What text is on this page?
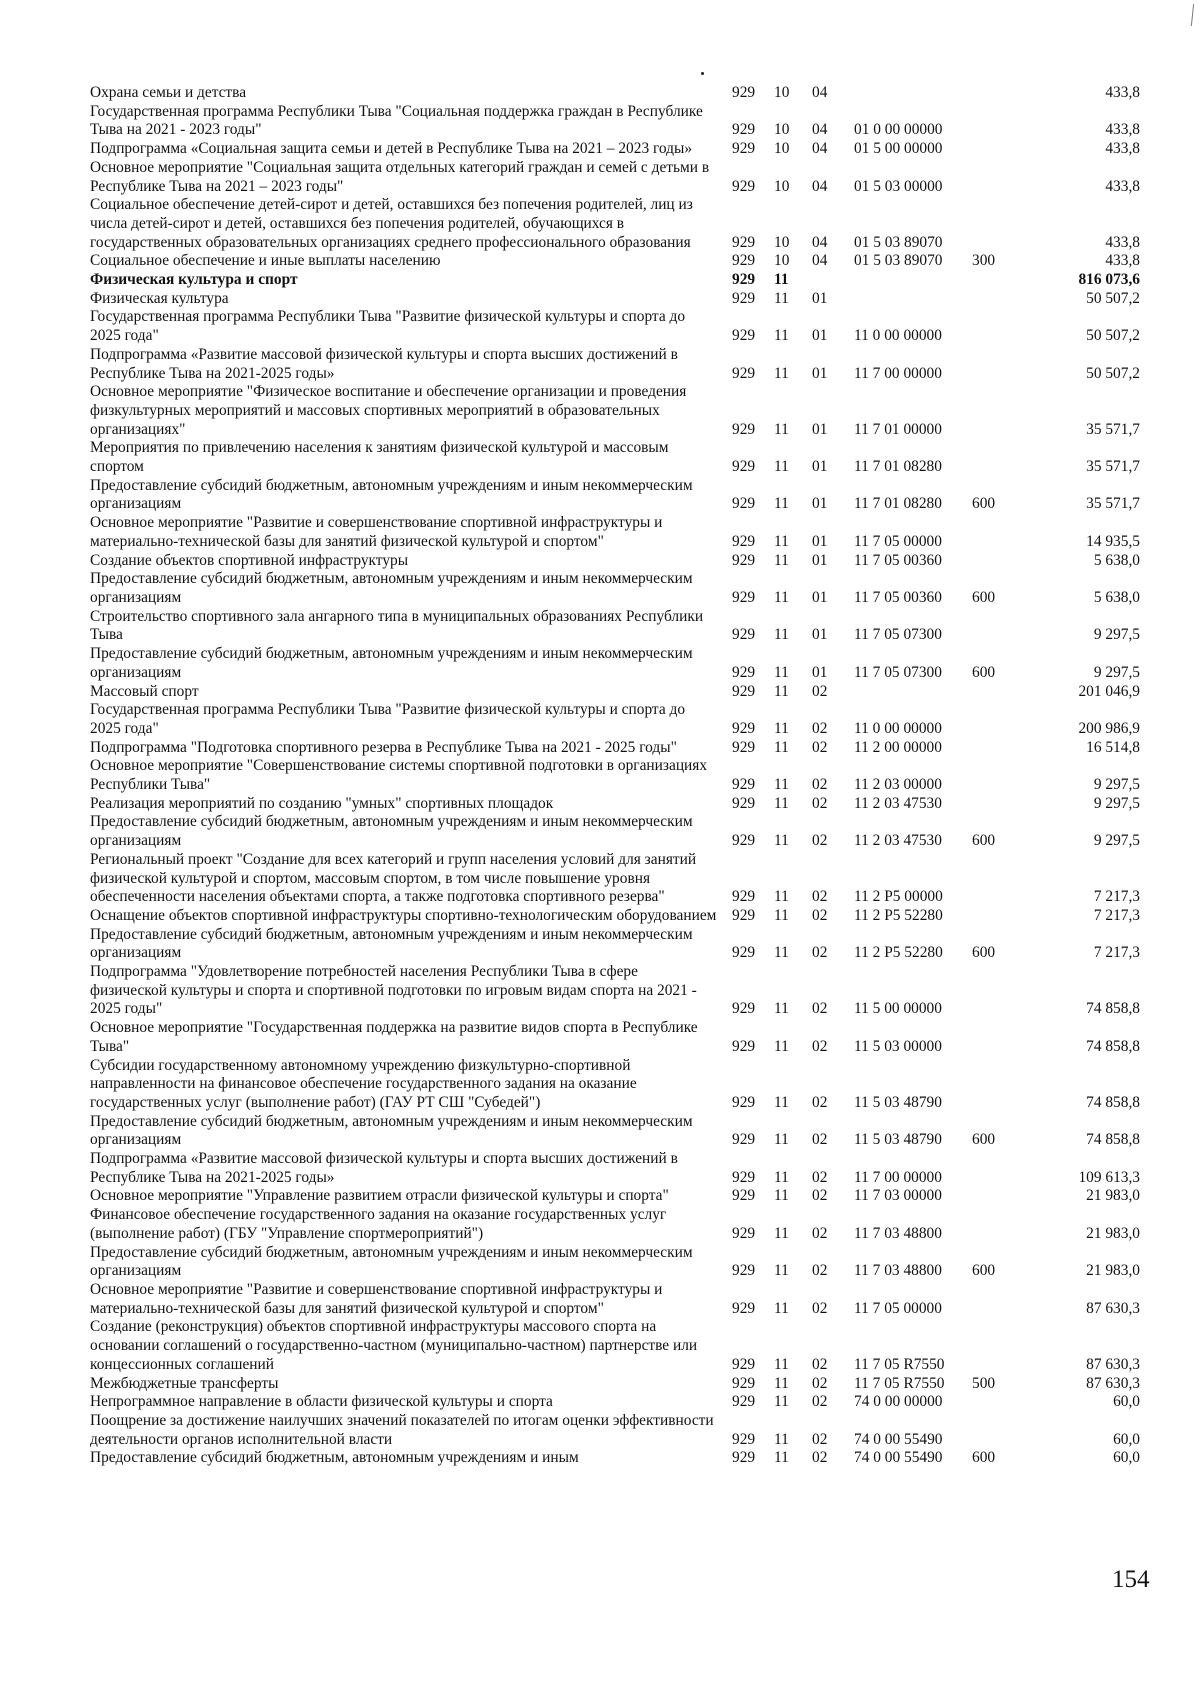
Охрана семьи и детства	929	10	04			433,8
Государственная программа Республики Тыва "Социальная поддержка граждан в Республике Тыва на 2021 - 2023 годы"	929	10	04	01 0 00 00000		433,8
Подпрограмма «Социальная защита семьи и детей в Республике Тыва на 2021 – 2023 годы»	929	10	04	01 5 00 00000		433,8
Основное мероприятие "Социальная защита отдельных категорий граждан и семей с детьми в Республике Тыва на 2021 – 2023 годы"	929	10	04	01 5 03 00000		433,8
Социальное обеспечение детей-сирот и детей, оставшихся без попечения родителей, лиц из числа детей-сирот и детей, оставшихся без попечения родителей, обучающихся в государственных образовательных организациях среднего профессионального образования	929	10	04	01 5 03 89070		433,8
Социальное обеспечение и иные выплаты населению	929	10	04	01 5 03 89070	300	433,8
Физическая культура и спорт	929	11				816 073,6
Физическая культура	929	11	01			50 507,2
Государственная программа Республики Тыва "Развитие физической культуры и спорта до 2025 года"	929	11	01	11 0 00 00000		50 507,2
Подпрограмма «Развитие массовой физической культуры и спорта высших достижений в Республике Тыва на 2021-2025 годы»	929	11	01	11 7 00 00000		50 507,2
Основное мероприятие "Физическое воспитание и обеспечение организации и проведения физкультурных мероприятий и массовых спортивных мероприятий в образовательных организациях"	929	11	01	11 7 01 00000		35 571,7
Мероприятия по привлечению населения к занятиям физической культурой и массовым спортом	929	11	01	11 7 01 08280		35 571,7
Предоставление субсидий бюджетным, автономным учреждениям и иным некоммерческим организациям	929	11	01	11 7 01 08280	600	35 571,7
Основное мероприятие "Развитие и совершенствование спортивной инфраструктуры и материально-технической базы для занятий физической культурой и спортом"	929	11	01	11 7 05 00000		14 935,5
Создание объектов спортивной инфраструктуры	929	11	01	11 7 05 00360		5 638,0
Предоставление субсидий бюджетным, автономным учреждениям и иным некоммерческим организациям	929	11	01	11 7 05 00360	600	5 638,0
Строительство спортивного зала ангарного типа в муниципальных образованиях Республики Тыва	929	11	01	11 7 05 07300		9 297,5
Предоставление субсидий бюджетным, автономным учреждениям и иным некоммерческим организациям	929	11	01	11 7 05 07300	600	9 297,5
Массовый спорт	929	11	02			201 046,9
Государственная программа Республики Тыва "Развитие физической культуры и спорта до 2025 года"	929	11	02	11 0 00 00000		200 986,9
Подпрограмма "Подготовка спортивного резерва в Республике Тыва на 2021 - 2025 годы"	929	11	02	11 2 00 00000		16 514,8
Основное мероприятие "Совершенствование системы спортивной подготовки в организациях Республики Тыва"	929	11	02	11 2 03 00000		9 297,5
Реализация мероприятий по созданию "умных" спортивных площадок	929	11	02	11 2 03 47530		9 297,5
Предоставление субсидий бюджетным, автономным учреждениям и иным некоммерческим организациям	929	11	02	11 2 03 47530	600	9 297,5
Региональный проект "Создание для всех категорий и групп населения условий для занятий физической культурой и спортом, массовым спортом, в том числе повышение уровня обеспеченности населения объектами спорта, а также подготовка спортивного резерва"	929	11	02	11 2 P5 00000		7 217,3
Оснащение объектов спортивной инфраструктуры спортивно-технологическим оборудованием	929	11	02	11 2 P5 52280		7 217,3
Предоставление субсидий бюджетным, автономным учреждениям и иным некоммерческим организациям	929	11	02	11 2 P5 52280	600	7 217,3
Подпрограмма "Удовлетворение потребностей населения Республики Тыва в сфере физической культуры и спорта и спортивной подготовки по игровым видам спорта на 2021 - 2025 годы"	929	11	02	11 5 00 00000		74 858,8
Основное мероприятие "Государственная поддержка на развитие видов спорта в Республике Тыва"	929	11	02	11 5 03 00000		74 858,8
Субсидии государственному автономному учреждению физкультурно-спортивной направленности на финансовое обеспечение государственного задания на оказание государственных услуг (выполнение работ) (ГАУ РТ СШ "Субедей")	929	11	02	11 5 03 48790		74 858,8
Предоставление субсидий бюджетным, автономным учреждениям и иным некоммерческим организациям	929	11	02	11 5 03 48790	600	74 858,8
Подпрограмма «Развитие массовой физической культуры и спорта высших достижений в Республике Тыва на 2021-2025 годы»	929	11	02	11 7 00 00000		109 613,3
Основное мероприятие "Управление развитием отрасли физической культуры и спорта"	929	11	02	11 7 03 00000		21 983,0
Финансовое обеспечение государственного задания на оказание государственных услуг (выполнение работ) (ГБУ "Управление спортмероприятий")	929	11	02	11 7 03 48800		21 983,0
Предоставление субсидий бюджетным, автономным учреждениям и иным некоммерческим организациям	929	11	02	11 7 03 48800	600	21 983,0
Основное мероприятие "Развитие и совершенствование спортивной инфраструктуры и материально-технической базы для занятий физической культурой и спортом"	929	11	02	11 7 05 00000		87 630,3
Создание (реконструкция) объектов спортивной инфраструктуры массового спорта на основании соглашений о государственно-частном (муниципально-частном) партнерстве или концессионных соглашений	929	11	02	11 7 05 R7550		87 630,3
Межбюджетные трансферты	929	11	02	11 7 05 R7550	500	87 630,3
Непрограммное направление в области физической культуры и спорта	929	11	02	74 0 00 00000		60,0
Поощрение за достижение наилучших значений показателей по итогам оценки эффективности деятельности органов исполнительной власти	929	11	02	74 0 00 55490		60,0
Предоставление субсидий бюджетным, автономным учреждениям и иным	929	11	02	74 0 00 55490	600	60,0
154
